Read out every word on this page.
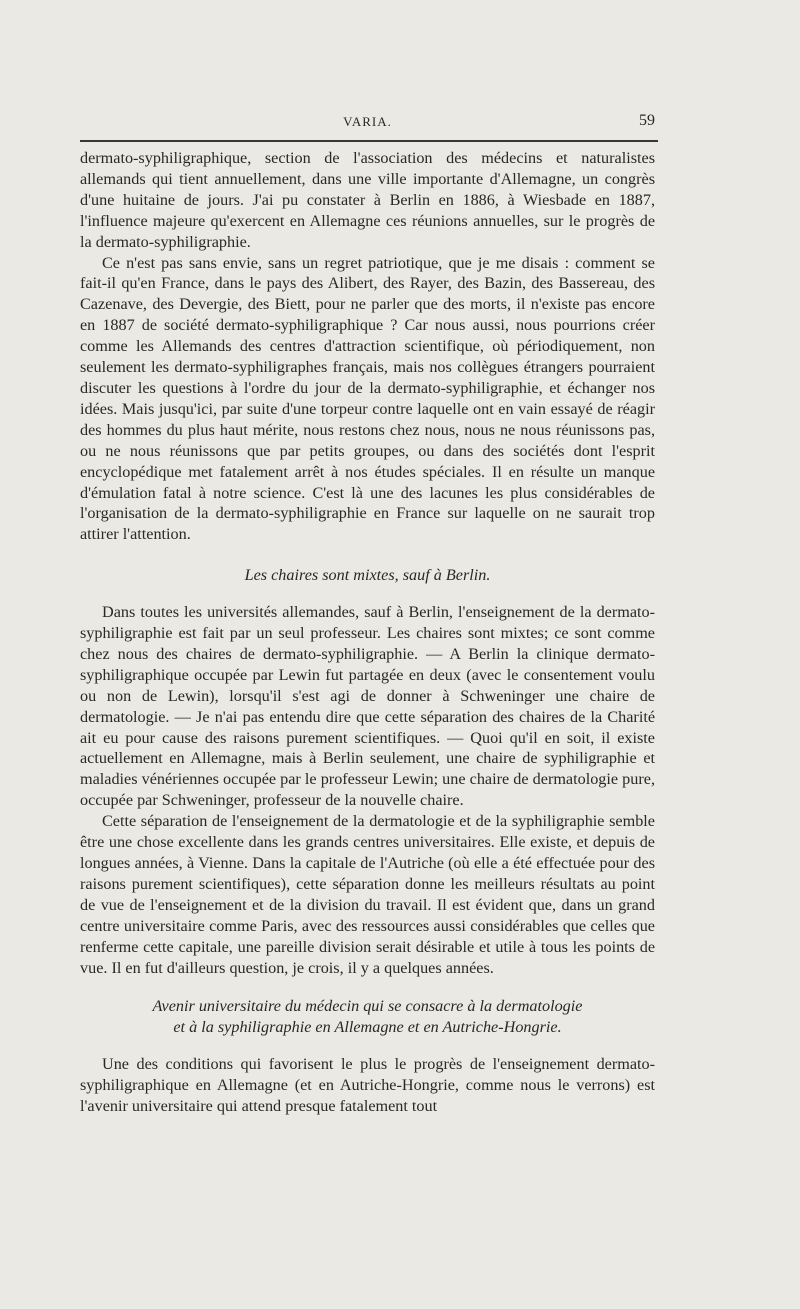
VARIA.	59

dermato-syphiligraphique, section de l'association des médecins et naturalistes allemands qui tient annuellement, dans une ville importante d'Allemagne, un congrès d'une huitaine de jours. J'ai pu constater à Berlin en 1886, à Wiesbade en 1887, l'influence majeure qu'exercent en Allemagne ces réunions annuelles, sur le progrès de la dermato-syphiligraphie.

Ce n'est pas sans envie, sans un regret patriotique, que je me disais : comment se fait-il qu'en France, dans le pays des Alibert, des Rayer, des Bazin, des Bassereau, des Cazenave, des Devergie, des Biett, pour ne parler que des morts, il n'existe pas encore en 1887 de société dermato-syphiligraphique ? Car nous aussi, nous pourrions créer comme les Allemands des centres d'attraction scientifique, où périodiquement, non seulement les dermato-syphiligraphes français, mais nos collègues étrangers pourraient discuter les questions à l'ordre du jour de la dermato-syphiligraphie, et échanger nos idées. Mais jusqu'ici, par suite d'une torpeur contre laquelle ont en vain essayé de réagir des hommes du plus haut mérite, nous restons chez nous, nous ne nous réunissons pas, ou ne nous réunissons que par petits groupes, ou dans des sociétés dont l'esprit encyclopédique met fatalement arrêt à nos études spéciales. Il en résulte un manque d'émulation fatal à notre science. C'est là une des lacunes les plus considérables de l'organisation de la dermato-syphiligraphie en France sur laquelle on ne saurait trop attirer l'attention.

Les chaires sont mixtes, sauf à Berlin.

Dans toutes les universités allemandes, sauf à Berlin, l'enseignement de la dermato-syphiligraphie est fait par un seul professeur. Les chaires sont mixtes; ce sont comme chez nous des chaires de dermato-syphiligraphie. — A Berlin la clinique dermato-syphiligraphique occupée par Lewin fut partagée en deux (avec le consentement voulu ou non de Lewin), lorsqu'il s'est agi de donner à Schweninger une chaire de dermatologie. — Je n'ai pas entendu dire que cette séparation des chaires de la Charité ait eu pour cause des raisons purement scientifiques. — Quoi qu'il en soit, il existe actuellement en Allemagne, mais à Berlin seulement, une chaire de syphiligraphie et maladies vénériennes occupée par le professeur Lewin; une chaire de dermatologie pure, occupée par Schweninger, professeur de la nouvelle chaire.

Cette séparation de l'enseignement de la dermatologie et de la syphiligraphie semble être une chose excellente dans les grands centres universitaires. Elle existe, et depuis de longues années, à Vienne. Dans la capitale de l'Autriche (où elle a été effectuée pour des raisons purement scientifiques), cette séparation donne les meilleurs résultats au point de vue de l'enseignement et de la division du travail. Il est évident que, dans un grand centre universitaire comme Paris, avec des ressources aussi considérables que celles que renferme cette capitale, une pareille division serait désirable et utile à tous les points de vue. Il en fut d'ailleurs question, je crois, il y a quelques années.

Avenir universitaire du médecin qui se consacre à la dermatologie

et à la syphiligraphie en Allemagne et en Autriche-Hongrie.

Une des conditions qui favorisent le plus le progrès de l'enseignement dermato-syphiligraphique en Allemagne (et en Autriche-Hongrie, comme nous le verrons) est l'avenir universitaire qui attend presque fatalement tout
